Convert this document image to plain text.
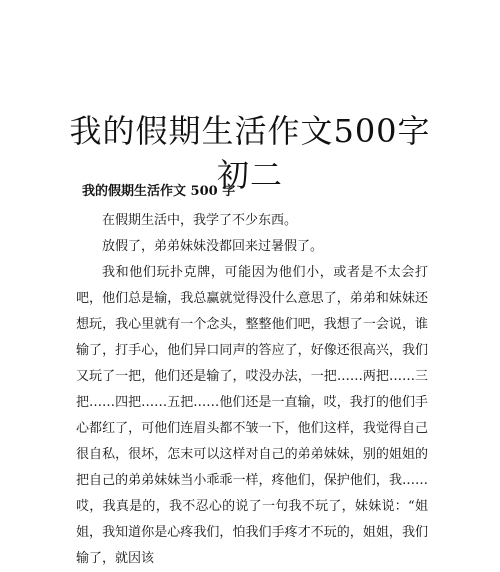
我的假期生活作文500字
初二
我的假期生活作文 500 字

在假期生活中，我学了不少东西。

放假了，弟弟妹妹没都回来过暑假了。

我和他们玩扑克牌，可能因为他们小，或者是不太会打吧，他们总是输，我总赢就觉得没什么意思了，弟弟和妹妹还想玩，我心里就有一个念头，整整他们吧，我想了一会说，谁输了，打手心，他们异口同声的答应了，好像还很高兴，我们又玩了一把，他们还是输了，哎没办法，一把……两把……三把……四把……五把……他们还是一直输，哎，我打的他们手心都红了，可他们连眉头都不皱一下，他们这样，我觉得自己很自私，很坏，怎末可以这样对自己的弟弟妹妹，别的姐姐的把自己的弟弟妹妹当小乖乖一样，疼他们，保护他们，我……哎，我真是的，我不忍心的说了一句我不玩了，妹妹说：“姐姐，我知道你是心疼我们，怕我们手疼才不玩的，姐姐，我们输了，就因该
